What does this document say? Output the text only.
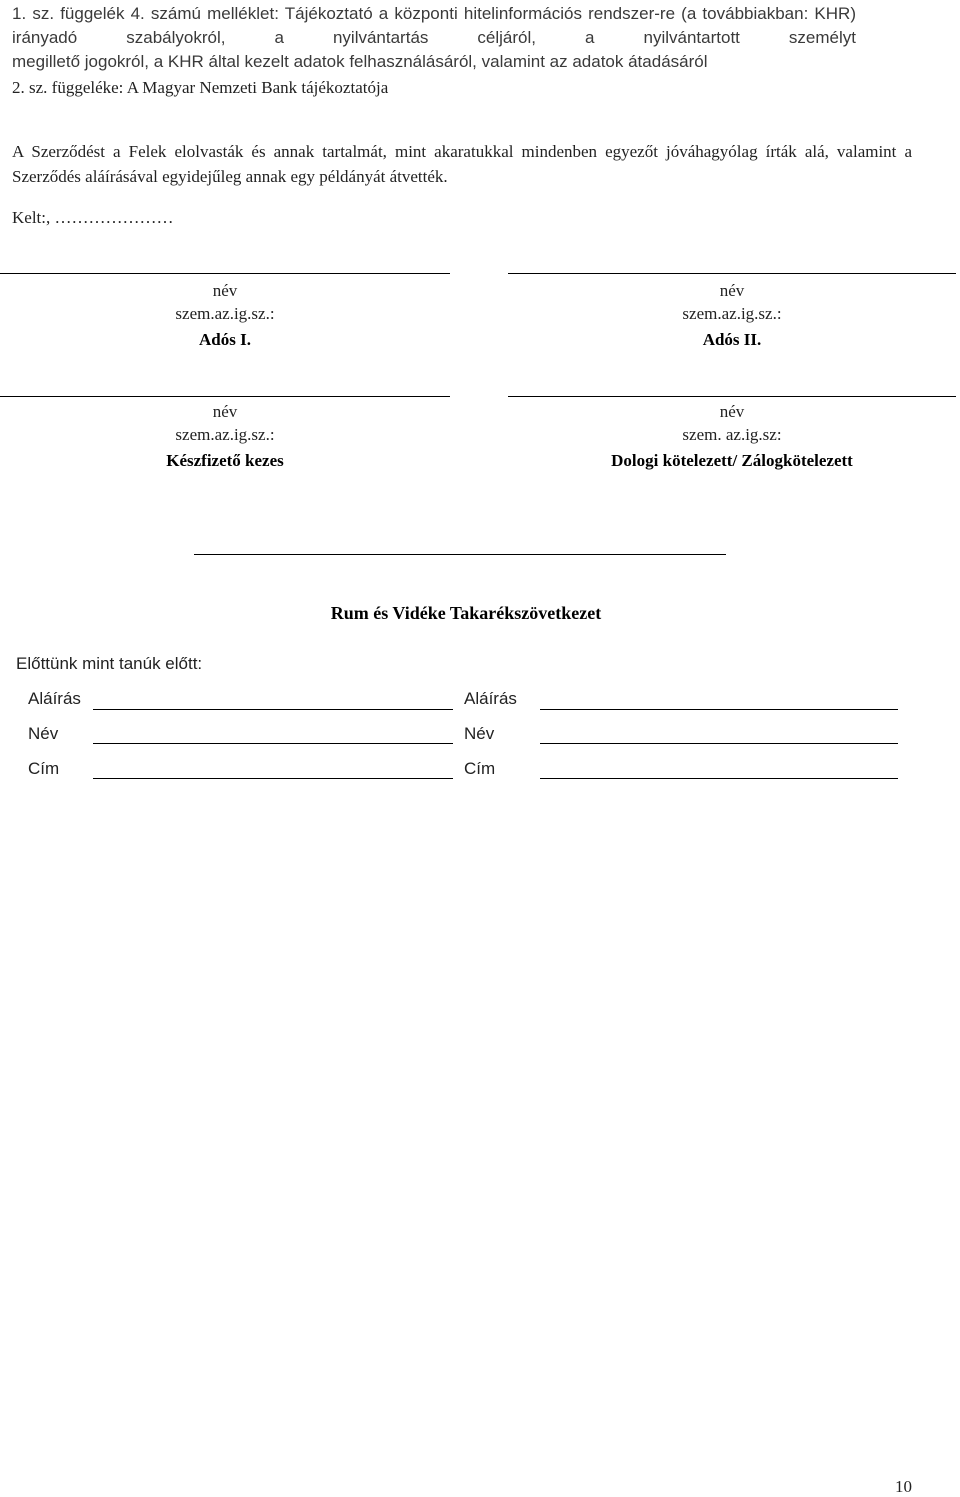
1. sz. függelék 4. számú melléklet: Tájékoztató a központi hitelinformációs rendszer-re (a továbbiakban: KHR) irányadó szabályokról, a nyilvántartás céljáról, a nyilvántartott személyt
megillető jogokról, a KHR által kezelt adatok felhasználásáról, valamint az adatok átadásáról
2. sz. függeléke: A Magyar Nemzeti Bank tájékoztatója
A Szerződést a Felek elolvasták és annak tartalmát, mint akaratukkal mindenben egyezőt jóváhagyólag írták alá, valamint a Szerződés aláírásával egyidejűleg annak egy példányát átvették.
Kelt:, …………………
név
szem.az.ig.sz.:
Adós I.
név
szem.az.ig.sz.:
Adós II.
név
szem.az.ig.sz.:
Készfizető kezes
név
szem. az.ig.sz:
Dologi kötelezett/ Zálogkötelezett
Rum és Vidéke Takarékszövetkezet
Előttünk mint tanúk előtt:
Aláírás
Név
Cím
Aláírás
Név
Cím
10
